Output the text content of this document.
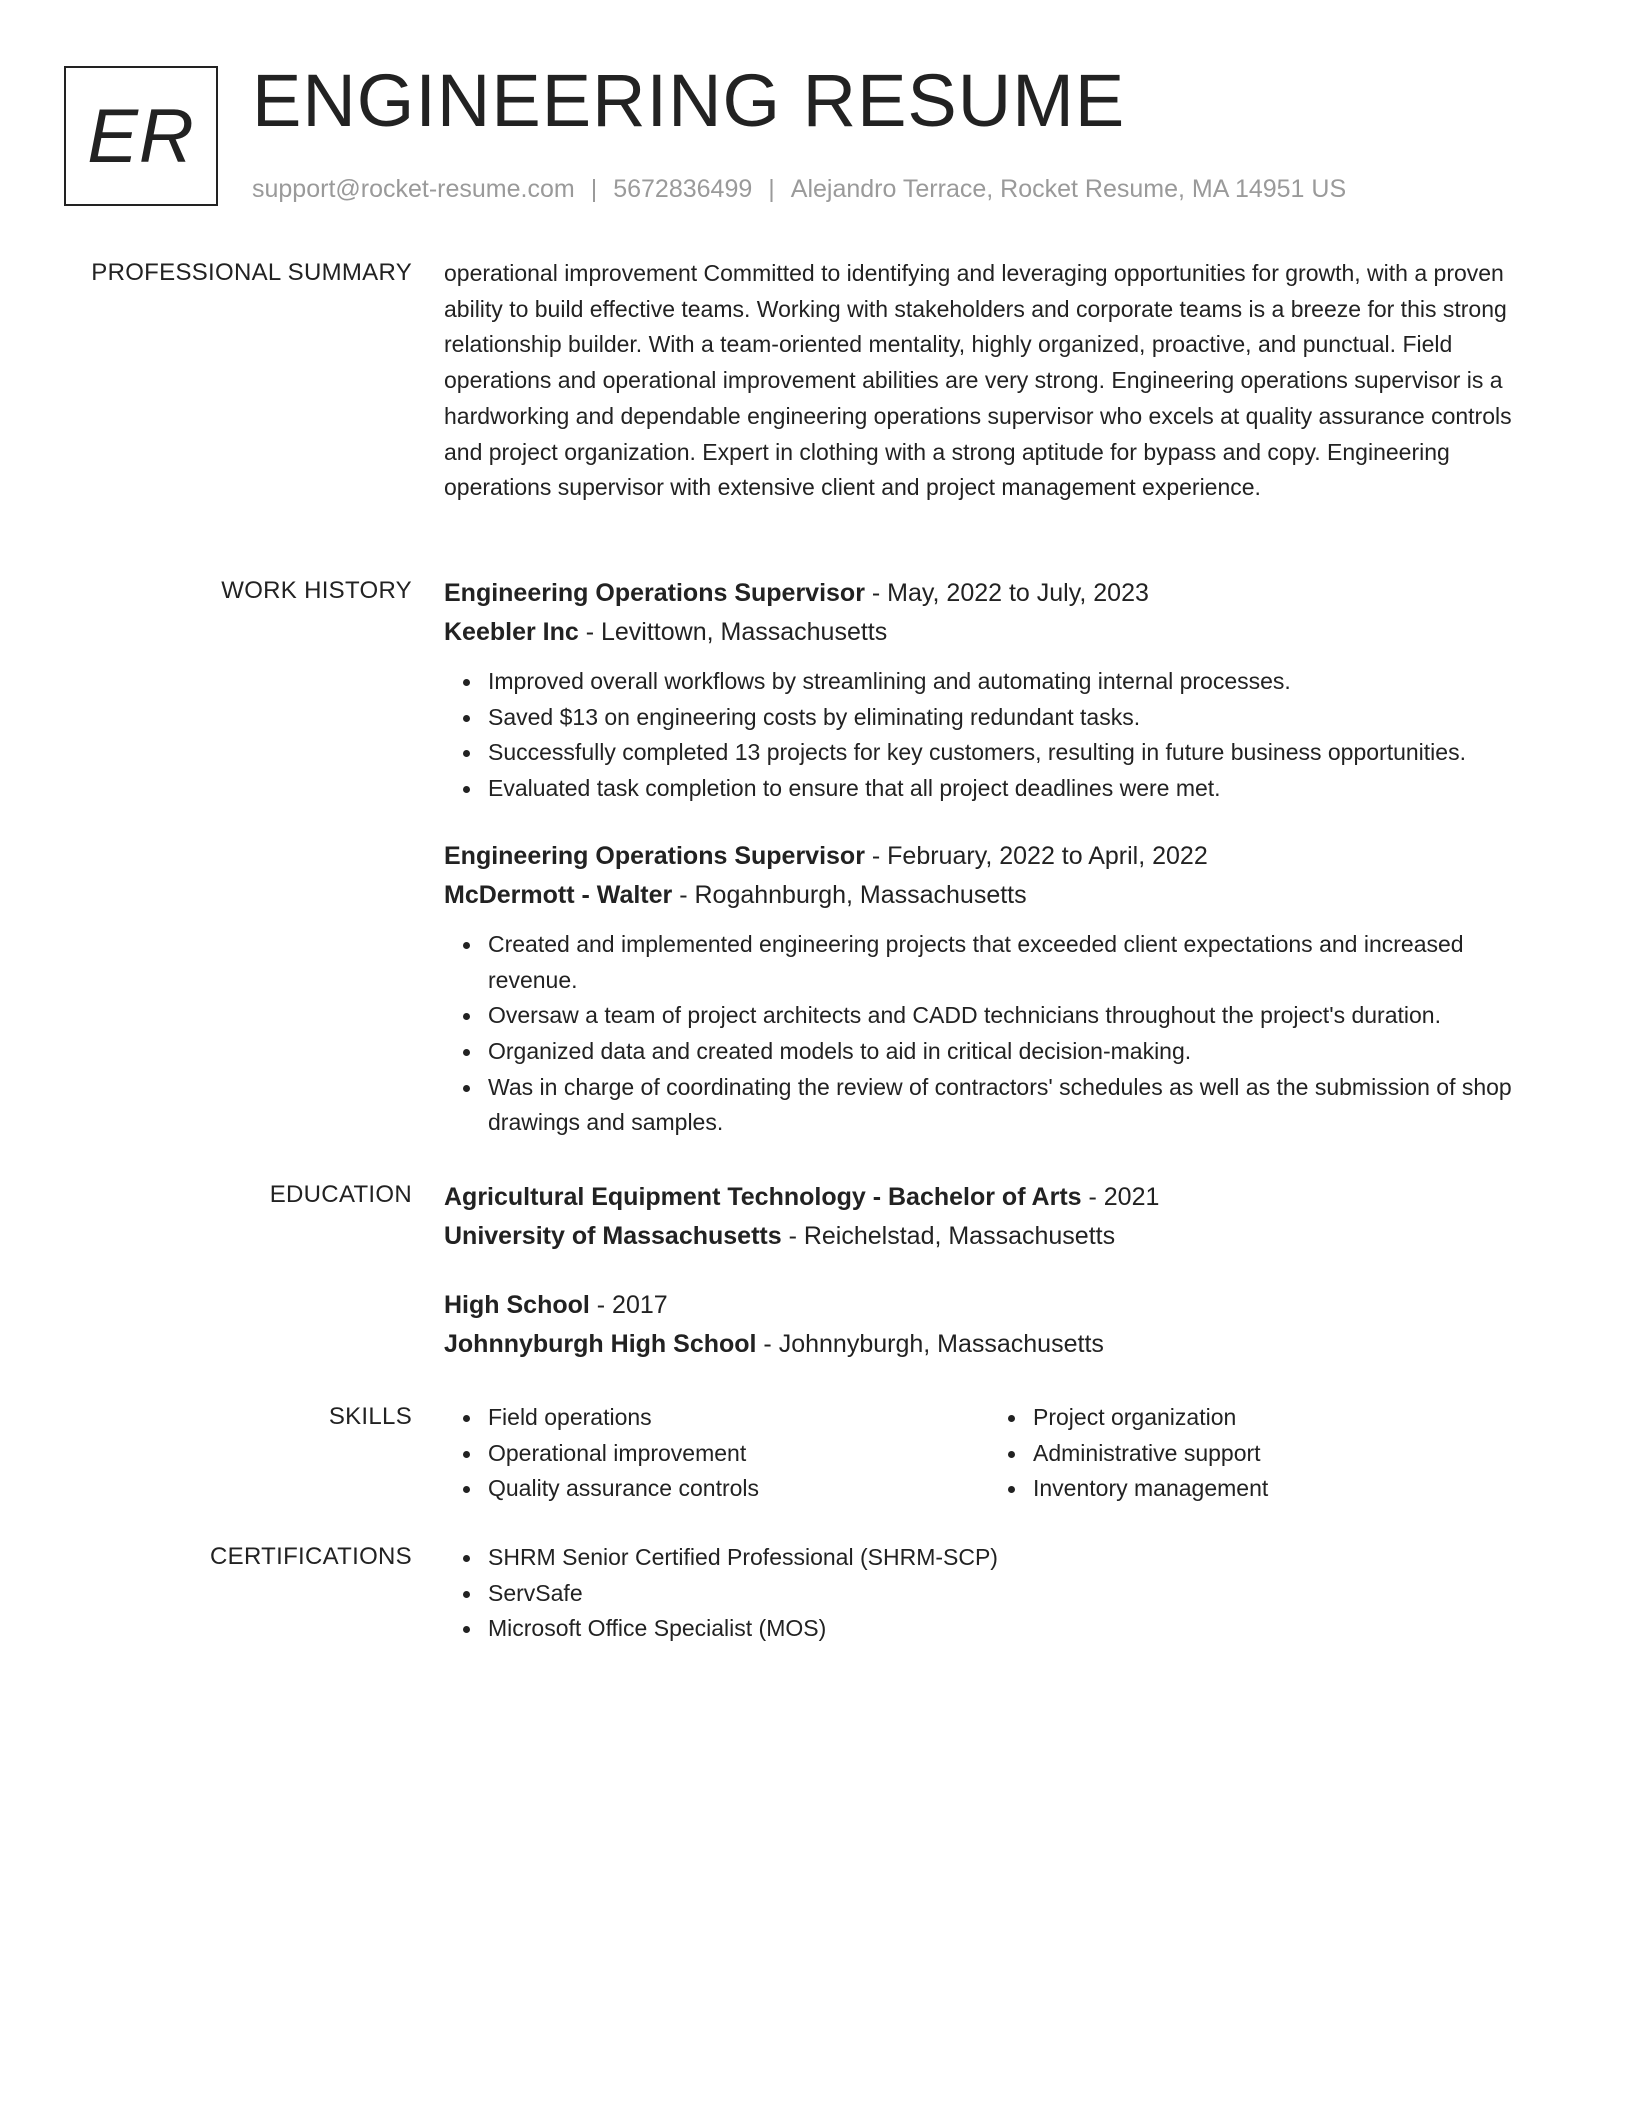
ER ENGINEERING RESUME
support@rocket-resume.com | 5672836499 | Alejandro Terrace, Rocket Resume, MA 14951 US
PROFESSIONAL SUMMARY operational improvement Committed to identifying and leveraging opportunities for growth, with a proven ability to build effective teams. Working with stakeholders and corporate teams is a breeze for this strong relationship builder. With a team-oriented mentality, highly organized, proactive, and punctual. Field operations and operational improvement abilities are very strong. Engineering operations supervisor is a hardworking and dependable engineering operations supervisor who excels at quality assurance controls and project organization. Expert in clothing with a strong aptitude for bypass and copy. Engineering operations supervisor with extensive client and project management experience.

WORK HISTORY Engineering Operations Supervisor - May, 2022 to July, 2023
Keebler Inc - Levittown, Massachusetts
Improved overall workflows by streamlining and automating internal processes.
Saved $13 on engineering costs by eliminating redundant tasks.
Successfully completed 13 projects for key customers, resulting in future business opportunities.
Evaluated task completion to ensure that all project deadlines were met.
Engineering Operations Supervisor - February, 2022 to April, 2022
McDermott - Walter - Rogahnburgh, Massachusetts
Created and implemented engineering projects that exceeded client expectations and increased revenue.
Oversaw a team of project architects and CADD technicians throughout the project's duration.
Organized data and created models to aid in critical decision-making.
Was in charge of coordinating the review of contractors' schedules as well as the submission of shop drawings and samples.
EDUCATION Agricultural Equipment Technology - Bachelor of Arts - 2021
University of Massachusetts - Reichelstad, Massachusetts
High School - 2017
Johnnyburgh High School - Johnnyburgh, Massachusetts
SKILLS	Field operations
Operational improvement
Quality assurance controls
Project organization
Administrative support
Inventory management
CERTIFICATIONS	SHRM Senior Certified Professional (SHRM-SCP)
ServSafe
Microsoft Office Specialist (MOS)
